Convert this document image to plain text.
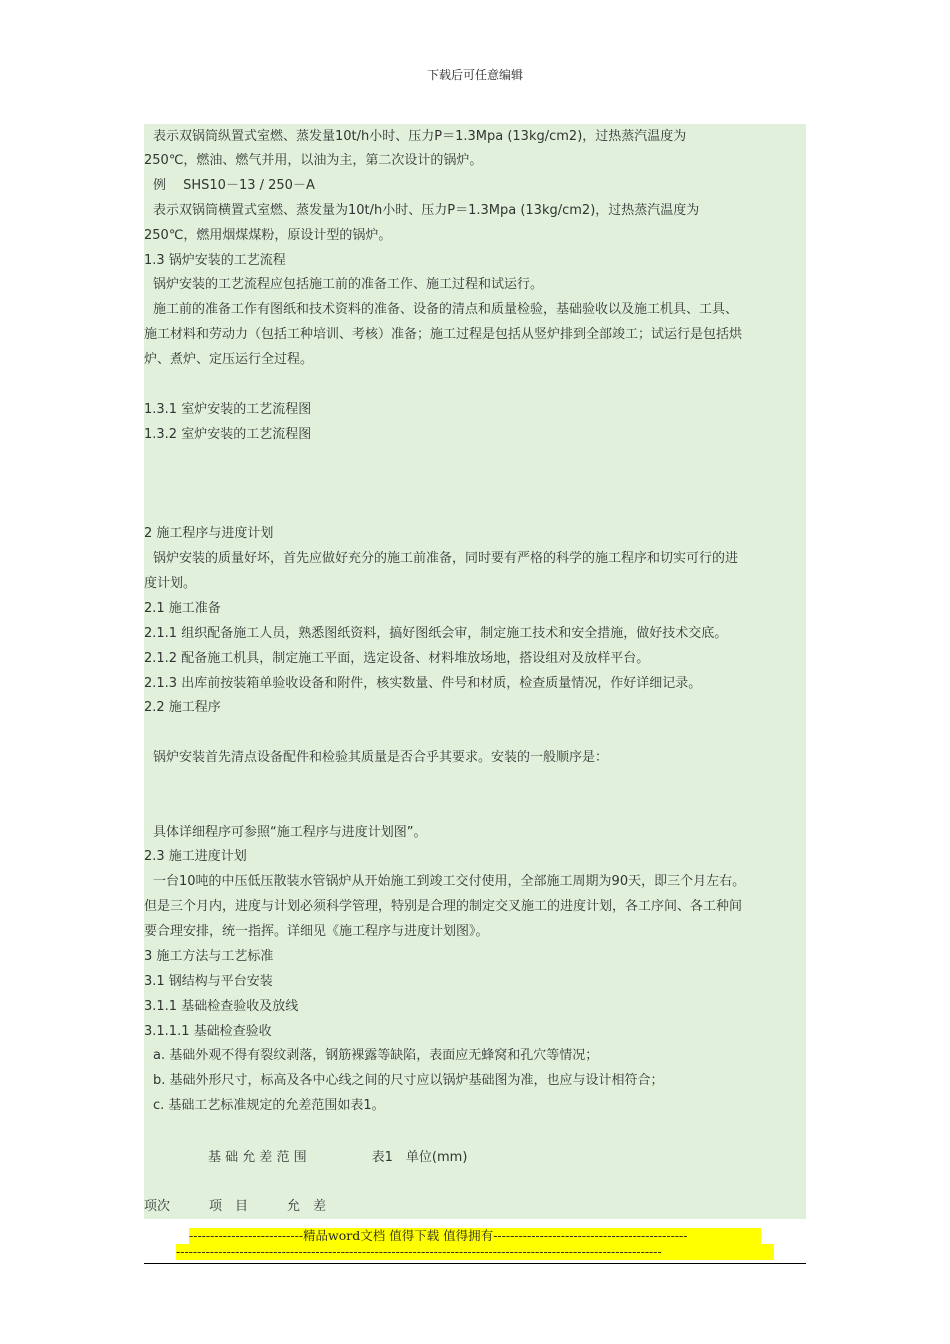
下载后可任意编辑
表示双锅筒纵置式室燃、蒸发量10t/h小时、压力P＝1.3Mpa (13kg/cm2)，过热蒸汽温度为
250℃，燃油、燃气并用，以油为主，第二次设计的锅炉。
例　 SHS10－13 / 250－A
表示双锅筒横置式室燃、蒸发量为10t/h小时、压力P＝1.3Mpa (13kg/cm2)，过热蒸汽温度为
250℃，燃用烟煤煤粉，原设计型的锅炉。
1.3 锅炉安装的工艺流程
锅炉安装的工艺流程应包括施工前的准备工作、施工过程和试运行。
施工前的准备工作有图纸和技术资料的准备、设备的清点和质量检验，基础验收以及施工机具、工具、
施工材料和劳动力（包括工种培训、考核）准备；施工过程是包括从竖炉排到全部竣工；试运行是包括烘
炉、煮炉、定压运行全过程。
1.3.1 室炉安装的工艺流程图
1.3.2 室炉安装的工艺流程图
2 施工程序与进度计划
锅炉安装的质量好坏，首先应做好充分的施工前准备，同时要有严格的科学的施工程序和切实可行的进
度计划。
2.1 施工准备
2.1.1 组织配备施工人员，熟悉图纸资料，搞好图纸会审，制定施工技术和安全措施，做好技术交底。
2.1.2 配备施工机具，制定施工平面，选定设备、材料堆放场地，搭设组对及放样平台。
2.1.3 出库前按装箱单验收设备和附件，核实数量、件号和材质，检查质量情况，作好详细记录。
2.2 施工程序
锅炉安装首先清点设备配件和检验其质量是否合乎其要求。安装的一般顺序是：
具体详细程序可参照“施工程序与进度计划图”。
2.3 施工进度计划
一台10吨的中压低压散装水管锅炉从开始施工到竣工交付使用，全部施工周期为90天，即三个月左右。
但是三个月内，进度与计划必须科学管理，特别是合理的制定交叉施工的进度计划，各工序间、各工种间
要合理安排，统一指挥。详细见《施工程序与进度计划图》。
3 施工方法与工艺标准
3.1 钢结构与平台安装
3.1.1 基础检查验收及放线
3.1.1.1 基础检查验收
a. 基础外观不得有裂纹剥落，钢筋裸露等缺陷，表面应无蜂窝和孔穴等情况；
b. 基础外形尺寸，标高及各中心线之间的尺寸应以锅炉基础图为准，也应与设计相符合；
c. 基础工艺标准规定的允差范围如表1。
基 础 允 差 范 围　　　　　表1　单位(mm)
项次　　　项　目　　　允　差
---------------------------精品word文档 值得下载 值得拥有----------------------------------------------
-------------------------------------------------------------------------------------------------------------------
